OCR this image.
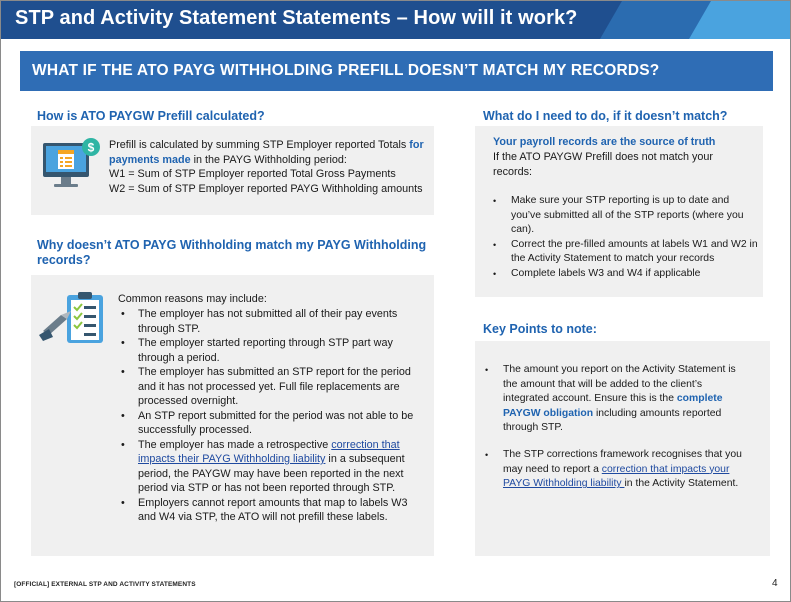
STP and Activity Statement Statements – How will it work?
WHAT IF THE ATO PAYG WITHHOLDING PREFILL DOESN’T MATCH MY RECORDS?
How is ATO PAYGW Prefill calculated?
$ Prefill is calculated by summing STP Employer reported Totals for payments made in the PAYG Withholding period:
W1 = Sum of STP Employer reported Total Gross Payments
W2 = Sum of STP Employer reported PAYG Withholding amounts
Why doesn’t ATO PAYG Withholding match my PAYG Withholding records?
Common reasons may include:
• The employer has not submitted all of their pay events through STP.
• The employer started reporting through STP part way through a period.
• The employer has submitted an STP report for the period and it has not processed yet. Full file replacements are processed overnight.
• An STP report submitted for the period was not able to be successfully processed.
• The employer has made a retrospective correction that impacts their PAYG Withholding liability in a subsequent period, the PAYGW may have been reported in the next period via STP or has not been reported through STP.
• Employers cannot report amounts that map to labels W3 and W4 via STP, the ATO will not prefill these labels.
What do I need to do, if it doesn’t match?
Your payroll records are the source of truth
If the ATO PAYGW Prefill does not match your records:
• Make sure your STP reporting is up to date and you’ve submitted all of the STP reports (where you can).
• Correct the pre-filled amounts at labels W1 and W2 in the Activity Statement to match your records
• Complete labels W3 and W4 if applicable
Key Points to note:
• The amount you report on the Activity Statement is the amount that will be added to the client’s integrated account. Ensure this is the complete PAYGW obligation including amounts reported through STP.
• The STP corrections framework recognises that you may need to report a correction that impacts your PAYG Withholding liability in the Activity Statement.
[OFFICIAL] EXTERNAL STP AND ACTIVITY STATEMENTS	4
